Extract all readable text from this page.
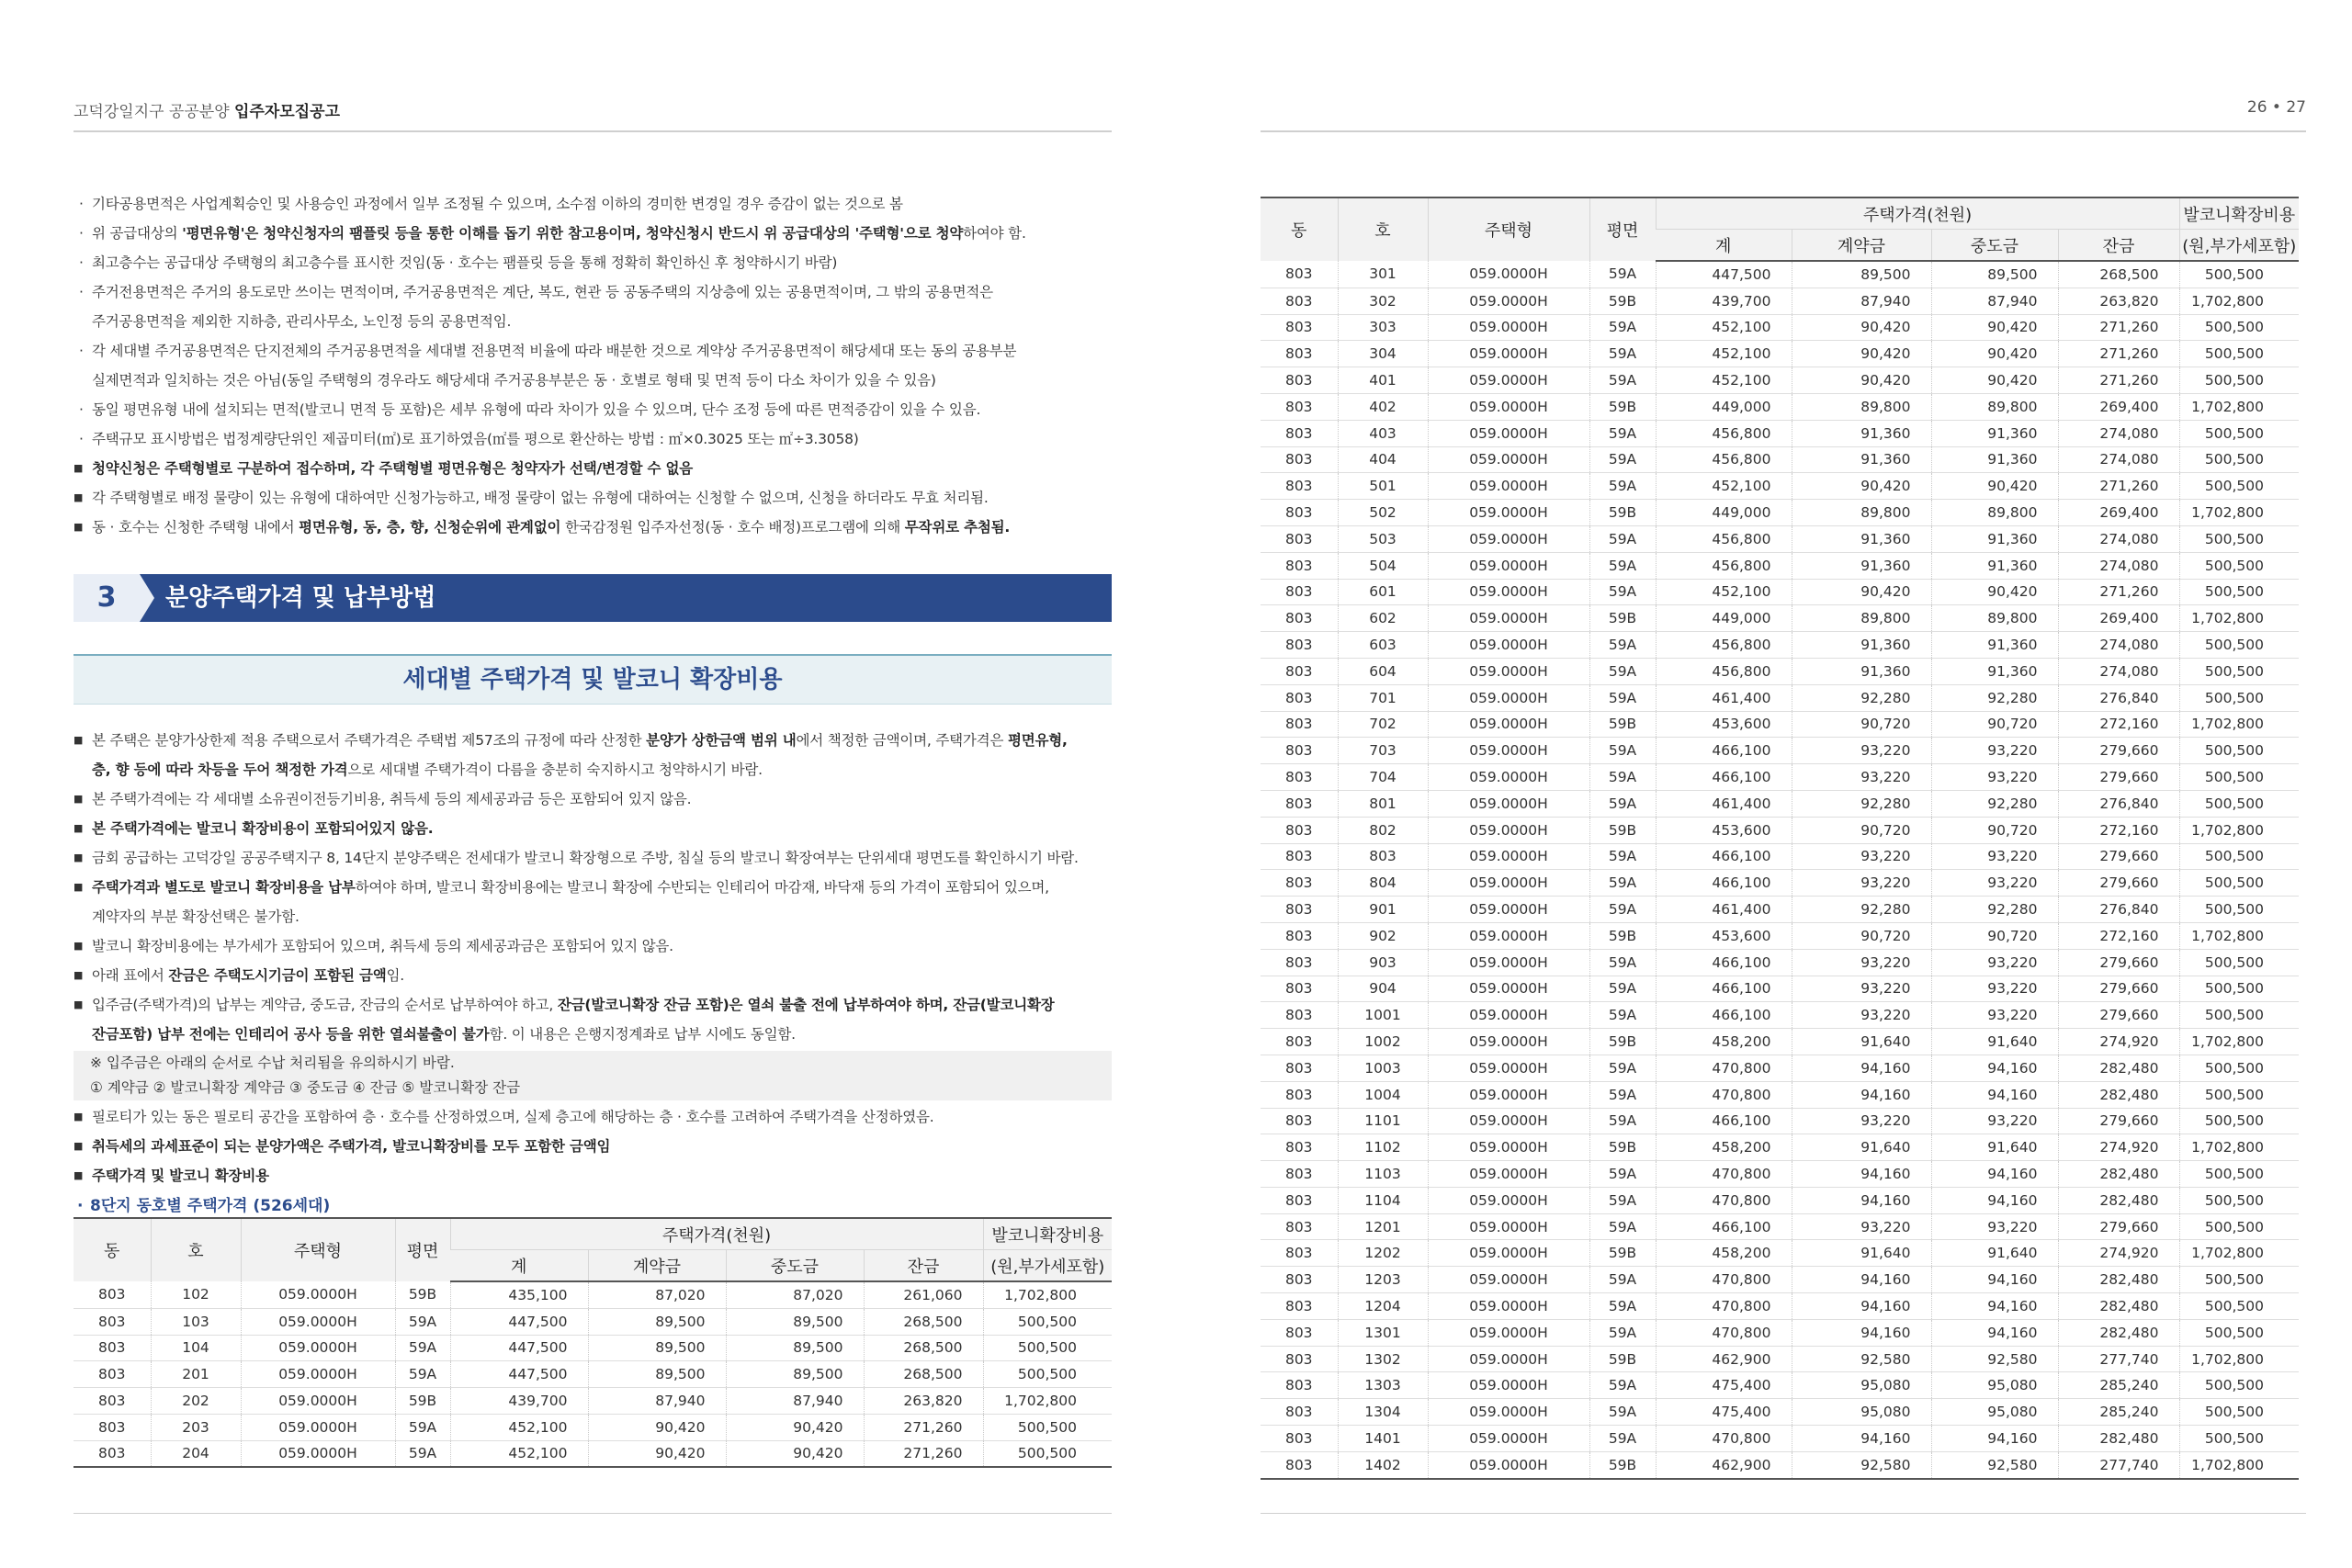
고덕강일지구 공공분양 입주자모집공고
· 기타공용면적은 사업계획승인 및 사용승인 과정에서 일부 조정될 수 있으며, 소수점 이하의 경미한 변경일 경우 증감이 없는 것으로 봄
· 위 공급대상의 '평면유형'은 청약신청자의 팸플릿 등을 통한 이해를 돕기 위한 참고용이며, 청약신청시 반드시 위 공급대상의 '주택형'으로 청약하여야 함.
· 최고층수는 공급대상 주택형의 최고층수를 표시한 것임(동 · 호수는 팸플릿 등을 통해 정확히 확인하신 후 청약하시기 바람)
· 주거전용면적은 주거의 용도로만 쓰이는 면적이며, 주거공용면적은 계단, 복도, 현관 등 공동주택의 지상층에 있는 공용면적이며, 그 밖의 공용면적은
주거공용면적을 제외한 지하층, 관리사무소, 노인정 등의 공용면적임.
· 각 세대별 주거공용면적은 단지전체의 주거공용면적을 세대별 전용면적 비율에 따라 배분한 것으로 계약상 주거공용면적이 해당세대 또는 동의 공용부분
실제면적과 일치하는 것은 아님(동일 주택형의 경우라도 해당세대 주거공용부분은 동 · 호별로 형태 및 면적 등이 다소 차이가 있을 수 있음)
· 동일 평면유형 내에 설치되는 면적(발코니 면적 등 포함)은 세부 유형에 따라 차이가 있을 수 있으며, 단수 조정 등에 따른 면적증감이 있을 수 있음.
· 주택규모 표시방법은 법정계량단위인 제곱미터(㎡)로 표기하였음(㎡를 평으로 환산하는 방법 : ㎡×0.3025 또는 ㎡÷3.3058)
■ 청약신청은 주택형별로 구분하여 접수하며, 각 주택형별 평면유형은 청약자가 선택/변경할 수 없음
■ 각 주택형별로 배정 물량이 있는 유형에 대하여만 신청가능하고, 배정 물량이 없는 유형에 대하여는 신청할 수 없으며, 신청을 하더라도 무효 처리됨.
■ 동 · 호수는 신청한 주택형 내에서 평면유형, 동, 층, 향, 신청순위에 관계없이 한국감정원 입주자선정(동 · 호수 배정)프로그램에 의해 무작위로 추첨됨.
3	분양주택가격 및 납부방법
세대별 주택가격 및 발코니 확장비용
■ 본 주택은 분양가상한제 적용 주택으로서 주택가격은 주택법 제57조의 규정에 따라 산정한 분양가 상한금액 범위 내에서 책정한 금액이며, 주택가격은 평면유형,
층, 향 등에 따라 차등을 두어 책정한 가격으로 세대별 주택가격이 다름을 충분히 숙지하시고 청약하시기 바람.
■ 본 주택가격에는 각 세대별 소유권이전등기비용, 취득세 등의 제세공과금 등은 포함되어 있지 않음.
■ 본 주택가격에는 발코니 확장비용이 포함되어있지 않음.
■ 금회 공급하는 고덕강일 공공주택지구 8, 14단지 분양주택은 전세대가 발코니 확장형으로 주방, 침실 등의 발코니 확장여부는 단위세대 평면도를 확인하시기 바람.
■ 주택가격과 별도로 발코니 확장비용을 납부하여야 하며, 발코니 확장비용에는 발코니 확장에 수반되는 인테리어 마감재, 바닥재 등의 가격이 포함되어 있으며,
계약자의 부분 확장선택은 불가함.
■ 발코니 확장비용에는 부가세가 포함되어 있으며, 취득세 등의 제세공과금은 포함되어 있지 않음.
■ 아래 표에서 잔금은 주택도시기금이 포함된 금액임.
■ 입주금(주택가격)의 납부는 계약금, 중도금, 잔금의 순서로 납부하여야 하고, 잔금(발코니확장 잔금 포함)은 열쇠 불출 전에 납부하여야 하며, 잔금(발코니확장
잔금포함) 납부 전에는 인테리어 공사 등을 위한 열쇠불출이 불가함. 이 내용은 은행지정계좌로 납부 시에도 동일함.
※ 입주금은 아래의 순서로 수납 처리됨을 유의하시기 바람.
① 계약금 ② 발코니확장 계약금 ③ 중도금 ④ 잔금 ⑤ 발코니확장 잔금
■ 필로티가 있는 동은 필로티 공간을 포함하여 층 · 호수를 산정하였으며, 실제 층고에 해당하는 층 · 호수를 고려하여 주택가격을 산정하였음.
■ 취득세의 과세표준이 되는 분양가액은 주택가격, 발코니확장비를 모두 포함한 금액임
■ 주택가격 및 발코니 확장비용
· 8단지 동호별 주택가격 (526세대)
동	호	주택형	평면	주택가격(천원)				발코니확장비용
				계	계약금	중도금	잔금	(원,부가세포함)
803	102	059.0000H	59B	435,100	87,020	87,020	261,060	1,702,800
803	103	059.0000H	59A	447,500	89,500	89,500	268,500	500,500
803	104	059.0000H	59A	447,500	89,500	89,500	268,500	500,500
803	201	059.0000H	59A	447,500	89,500	89,500	268,500	500,500
803	202	059.0000H	59B	439,700	87,940	87,940	263,820	1,702,800
803	203	059.0000H	59A	452,100	90,420	90,420	271,260	500,500
803	204	059.0000H	59A	452,100	90,420	90,420	271,260	500,500
26 • 27
동	호	주택형	평면	주택가격(천원)				발코니확장비용
				계	계약금	중도금	잔금	(원,부가세포함)
803	301	059.0000H	59A	447,500	89,500	89,500	268,500	500,500
803	302	059.0000H	59B	439,700	87,940	87,940	263,820	1,702,800
803	303	059.0000H	59A	452,100	90,420	90,420	271,260	500,500
803	304	059.0000H	59A	452,100	90,420	90,420	271,260	500,500
803	401	059.0000H	59A	452,100	90,420	90,420	271,260	500,500
803	402	059.0000H	59B	449,000	89,800	89,800	269,400	1,702,800
803	403	059.0000H	59A	456,800	91,360	91,360	274,080	500,500
803	404	059.0000H	59A	456,800	91,360	91,360	274,080	500,500
803	501	059.0000H	59A	452,100	90,420	90,420	271,260	500,500
803	502	059.0000H	59B	449,000	89,800	89,800	269,400	1,702,800
803	503	059.0000H	59A	456,800	91,360	91,360	274,080	500,500
803	504	059.0000H	59A	456,800	91,360	91,360	274,080	500,500
803	601	059.0000H	59A	452,100	90,420	90,420	271,260	500,500
803	602	059.0000H	59B	449,000	89,800	89,800	269,400	1,702,800
803	603	059.0000H	59A	456,800	91,360	91,360	274,080	500,500
803	604	059.0000H	59A	456,800	91,360	91,360	274,080	500,500
803	701	059.0000H	59A	461,400	92,280	92,280	276,840	500,500
803	702	059.0000H	59B	453,600	90,720	90,720	272,160	1,702,800
803	703	059.0000H	59A	466,100	93,220	93,220	279,660	500,500
803	704	059.0000H	59A	466,100	93,220	93,220	279,660	500,500
803	801	059.0000H	59A	461,400	92,280	92,280	276,840	500,500
803	802	059.0000H	59B	453,600	90,720	90,720	272,160	1,702,800
803	803	059.0000H	59A	466,100	93,220	93,220	279,660	500,500
803	804	059.0000H	59A	466,100	93,220	93,220	279,660	500,500
803	901	059.0000H	59A	461,400	92,280	92,280	276,840	500,500
803	902	059.0000H	59B	453,600	90,720	90,720	272,160	1,702,800
803	903	059.0000H	59A	466,100	93,220	93,220	279,660	500,500
803	904	059.0000H	59A	466,100	93,220	93,220	279,660	500,500
803	1001	059.0000H	59A	466,100	93,220	93,220	279,660	500,500
803	1002	059.0000H	59B	458,200	91,640	91,640	274,920	1,702,800
803	1003	059.0000H	59A	470,800	94,160	94,160	282,480	500,500
803	1004	059.0000H	59A	470,800	94,160	94,160	282,480	500,500
803	1101	059.0000H	59A	466,100	93,220	93,220	279,660	500,500
803	1102	059.0000H	59B	458,200	91,640	91,640	274,920	1,702,800
803	1103	059.0000H	59A	470,800	94,160	94,160	282,480	500,500
803	1104	059.0000H	59A	470,800	94,160	94,160	282,480	500,500
803	1201	059.0000H	59A	466,100	93,220	93,220	279,660	500,500
803	1202	059.0000H	59B	458,200	91,640	91,640	274,920	1,702,800
803	1203	059.0000H	59A	470,800	94,160	94,160	282,480	500,500
803	1204	059.0000H	59A	470,800	94,160	94,160	282,480	500,500
803	1301	059.0000H	59A	470,800	94,160	94,160	282,480	500,500
803	1302	059.0000H	59B	462,900	92,580	92,580	277,740	1,702,800
803	1303	059.0000H	59A	475,400	95,080	95,080	285,240	500,500
803	1304	059.0000H	59A	475,400	95,080	95,080	285,240	500,500
803	1401	059.0000H	59A	470,800	94,160	94,160	282,480	500,500
803	1402	059.0000H	59B	462,900	92,580	92,580	277,740	1,702,800
